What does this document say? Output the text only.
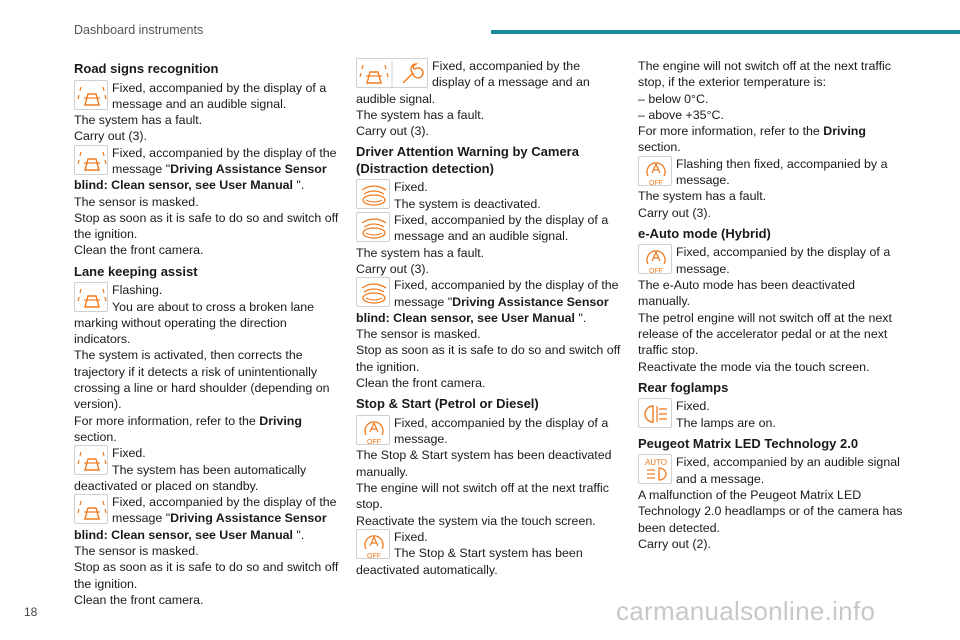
Dashboard instruments
Road signs recognition
Fixed, accompanied by the display of a message and an audible signal.

The system has a fault.

Carry out (3).

Fixed, accompanied by the display of the message "Driving Assistance Sensor blind: Clean sensor, see User Manual ".

The sensor is masked.

Stop as soon as it is safe to do so and switch off the ignition.

Clean the front camera.

Lane keeping assist

Flashing.

You are about to cross a broken lane marking without operating the direction indicators.

The system is activated, then corrects the trajectory if it detects a risk of unintentionally crossing a line or hard shoulder (depending on version).

For more information, refer to the Driving section.

Fixed.

The system has been automatically deactivated or placed on standby.
Fixed, accompanied by the display of the message "Driving Assistance Sensor blind: Clean sensor, see User Manual ".

The sensor is masked.

Stop as soon as it is safe to do so and switch off the ignition.

Clean the front camera.

Fixed, accompanied by the display of a message and an audible signal.

The system has a fault.

Carry out (3).

Driver Attention Warning by Camera (Distraction detection)

Fixed.

The system is deactivated.
Fixed, accompanied by the display of a message and an audible signal.

The system has a fault.

Carry out (3).

Fixed, accompanied by the display of the message "Driving Assistance Sensor blind: Clean sensor, see User Manual ".

The sensor is masked.

Stop as soon as it is safe to do so and switch off the ignition.

Clean the front camera.

Stop & Start (Petrol or Diesel)
Fixed, accompanied by the display of a message.

The Stop & Start system has been deactivated manually.

The engine will not switch off at the next traffic stop.

Reactivate the system via the touch screen.

Fixed.

The Stop & Start system has been deactivated automatically.

The engine will not switch off at the next traffic stop, if the exterior temperature is:

– below 0°C.

– above +35°C.

For more information, refer to the Driving section.

Flashing then fixed, accompanied by a message.

The system has a fault.

Carry out (3).

e-Auto mode (Hybrid)
Fixed, accompanied by the display of a message.

The e-Auto mode has been deactivated manually.

The petrol engine will not switch off at the next release of the accelerator pedal or at the next traffic stop.

Reactivate the mode via the touch screen.

Rear foglamps

Fixed.

The lamps are on.
Peugeot Matrix LED Technology 2.0
AUTO Fixed, accompanied by an audible signal and a message.

A malfunction of the Peugeot Matrix LED Technology 2.0 headlamps or of the camera has been detected.

Carry out (2).

18	carmanualsonline.info
